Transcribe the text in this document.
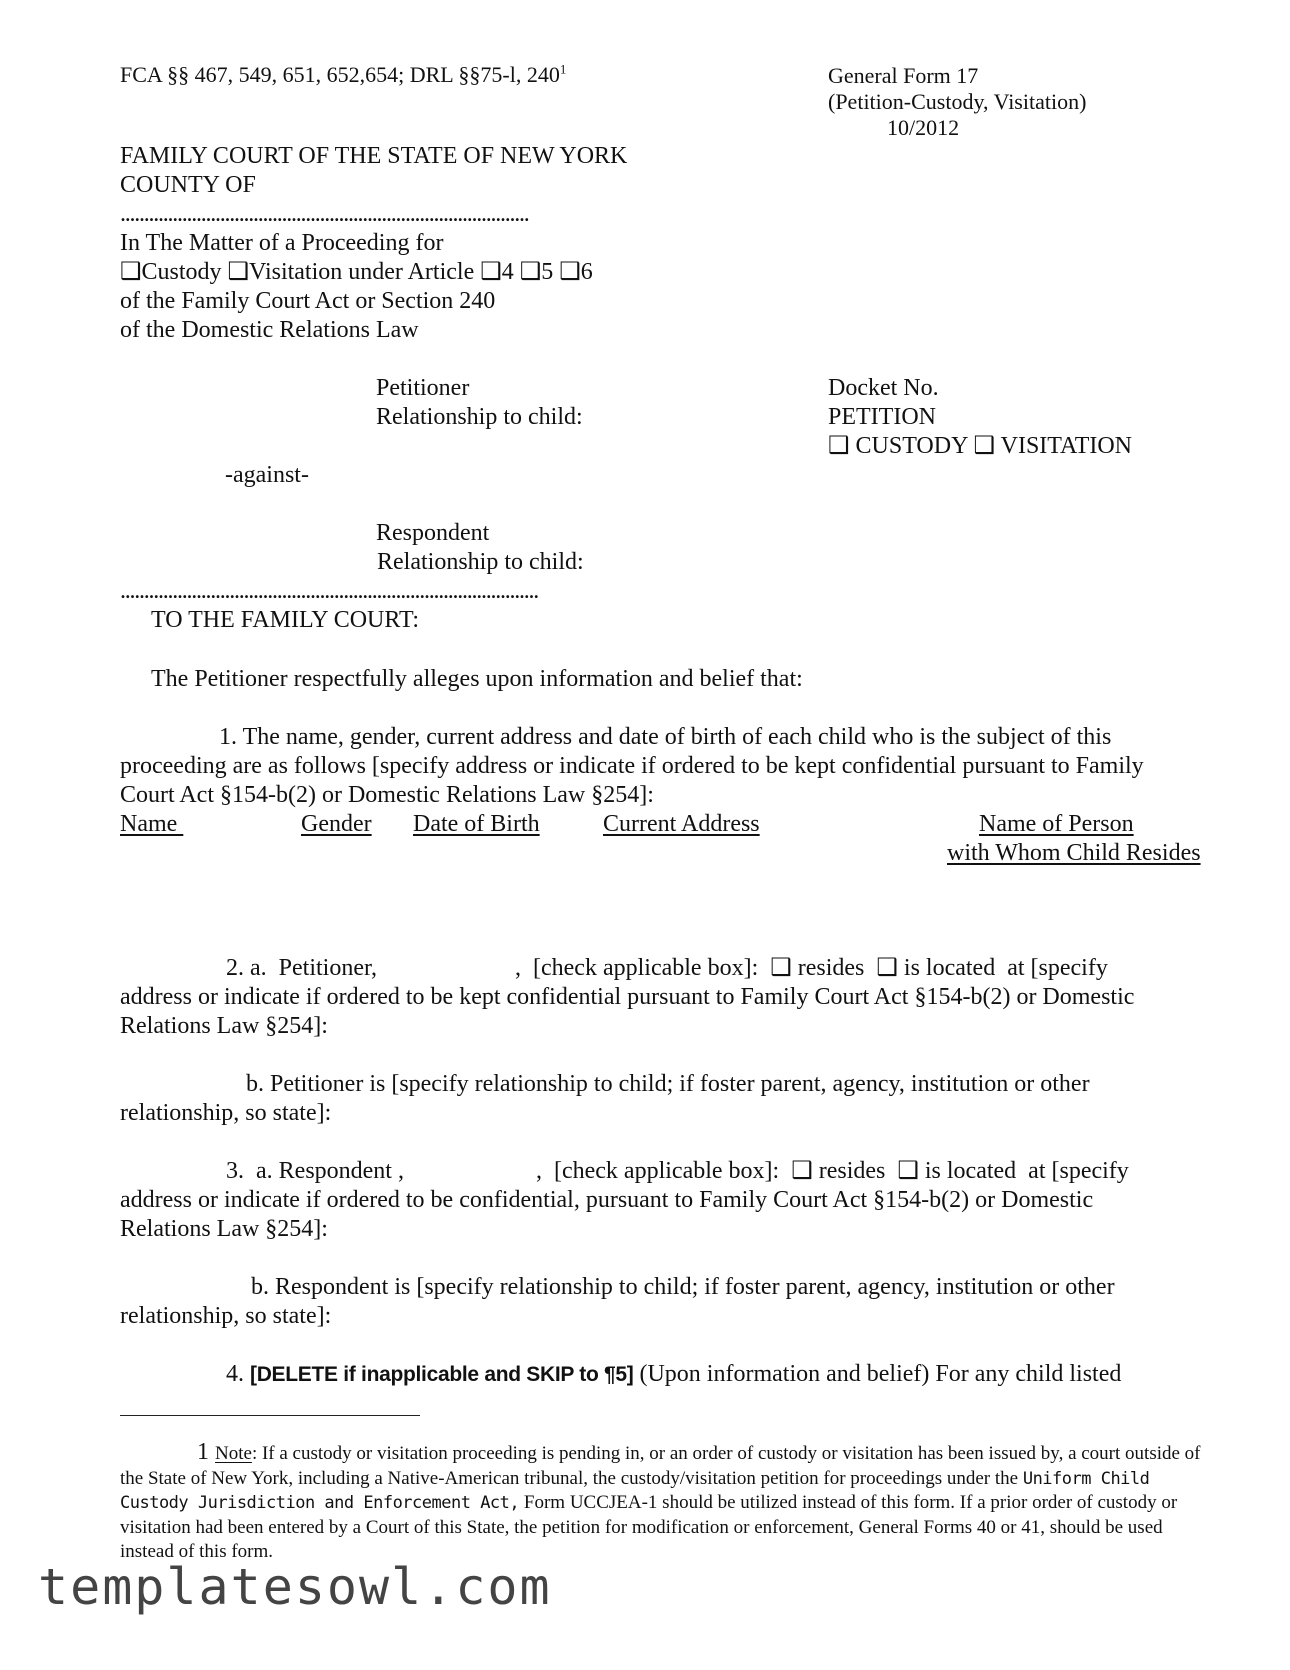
FCA §§ 467, 549, 651, 652,654; DRL §§75-l, $240^1$	General Form 17
(Petition-Custody, Visitation)
10/2012
FAMILY COURT OF THE STATE OF NEW YORK
COUNTY OF
......................................................................................
In The Matter of a Proceeding for
❑Custody ❑Visitation under Article ❑4 ❑5 ❑6
of the Family Court Act or Section 240
of the Domestic Relations Law
Petitioner
Relationship to child:
-against-
Respondent
Relationship to child:
........................................................................................
Docket No.
PETITION
❑ CUSTODY ❑ VISITATION
TO THE FAMILY COURT:
The Petitioner respectfully alleges upon information and belief that:
1. The name, gender, current address and date of birth of each child who is the subject of this
proceeding are as follows [specify address or indicate if ordered to be kept confidential pursuant to Family
Court Act §154-b(2) or Domestic Relations Law §254]:
Name	Gender Date of Birth	Current Address	Name of Person
with Whom Child Resides
2. a.  Petitioner,                       ,  [check applicable box]:  ❑ resides  ❑ is located  at [specify
address or indicate if ordered to be kept confidential pursuant to Family Court Act §154-b(2) or Domestic
Relations Law §254]:
b. Petitioner is [specify relationship to child; if foster parent, agency, institution or other
relationship, so state]:
3.  a. Respondent ,                      ,  [check applicable box]:  ❑ resides  ❑ is located  at [specify
address or indicate if ordered to be confidential, pursuant to Family Court Act §154-b(2) or Domestic
Relations Law §254]:
b. Respondent is [specify relationship to child; if foster parent, agency, institution or other
relationship, so state]:
4. [DELETE if inapplicable and SKIP to ¶5] (Upon information and belief) For any child listed
1 Note: If a custody or visitation proceeding is pending in, or an order of custody or visitation has been issued by, a court outside of the State of New York, including a Native-American tribunal, the custody/visitation petition for proceedings under the Uniform Child Custody Jurisdiction and Enforcement Act, Form UCCJEA-1 should be utilized instead of this form. If a prior order of custody or visitation had been entered by a Court of this State, the petition for modification or enforcement, General Forms 40 or 41, should be used instead of this form.
templatesowl.com
